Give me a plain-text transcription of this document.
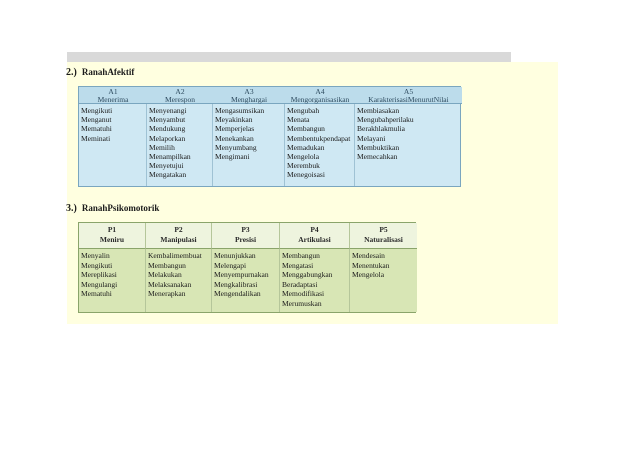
2.) RanahAfektif
A1
Menerima
A2
Merespon
A3
Menghargai
A4
Mengorganisasikan
A5
KarakterisasiMenurutNilai
Mengikuti
Menganut
Mematuhi
Meminati
Menyenangi
Menyambut
Mendukung
Melaporkan
Memilih
Menampilkan
Menyetujui
Mengatakan
Mengasumsikan
Meyakinkan
Memperjelas
Menekankan
Menyumbang
Mengimani
Mengubah
Menata
Membangun
Membentukpendapat
Memadukan
Mengelola
Merembuk
Menegoisasi
Membiasakan
Mengubahperilaku
Berakhlakmulia
Melayani
Membuktikan
Memecahkan
3.) RanahPsikomotorik
P1
Meniru
P2
Manipulasi
P3
Presisi
P4
Artikulasi
P5
Naturalisasi
Menyalin
Mengikuti
Mereplikasi
Mengulangi
Mematuhi
Kembalimembuat
Membangun
Melakukan
Melaksanakan
Menerapkan
Menunjukkan
Melengapi
Menyempurnakan
Mengkalibrasi
Mengendalikan
Membangun
Mengatasi
Menggabungkan
Beradaptasi
Memodifikasi
Merumuskan
Mendesain
Menentukan
Mengelola
